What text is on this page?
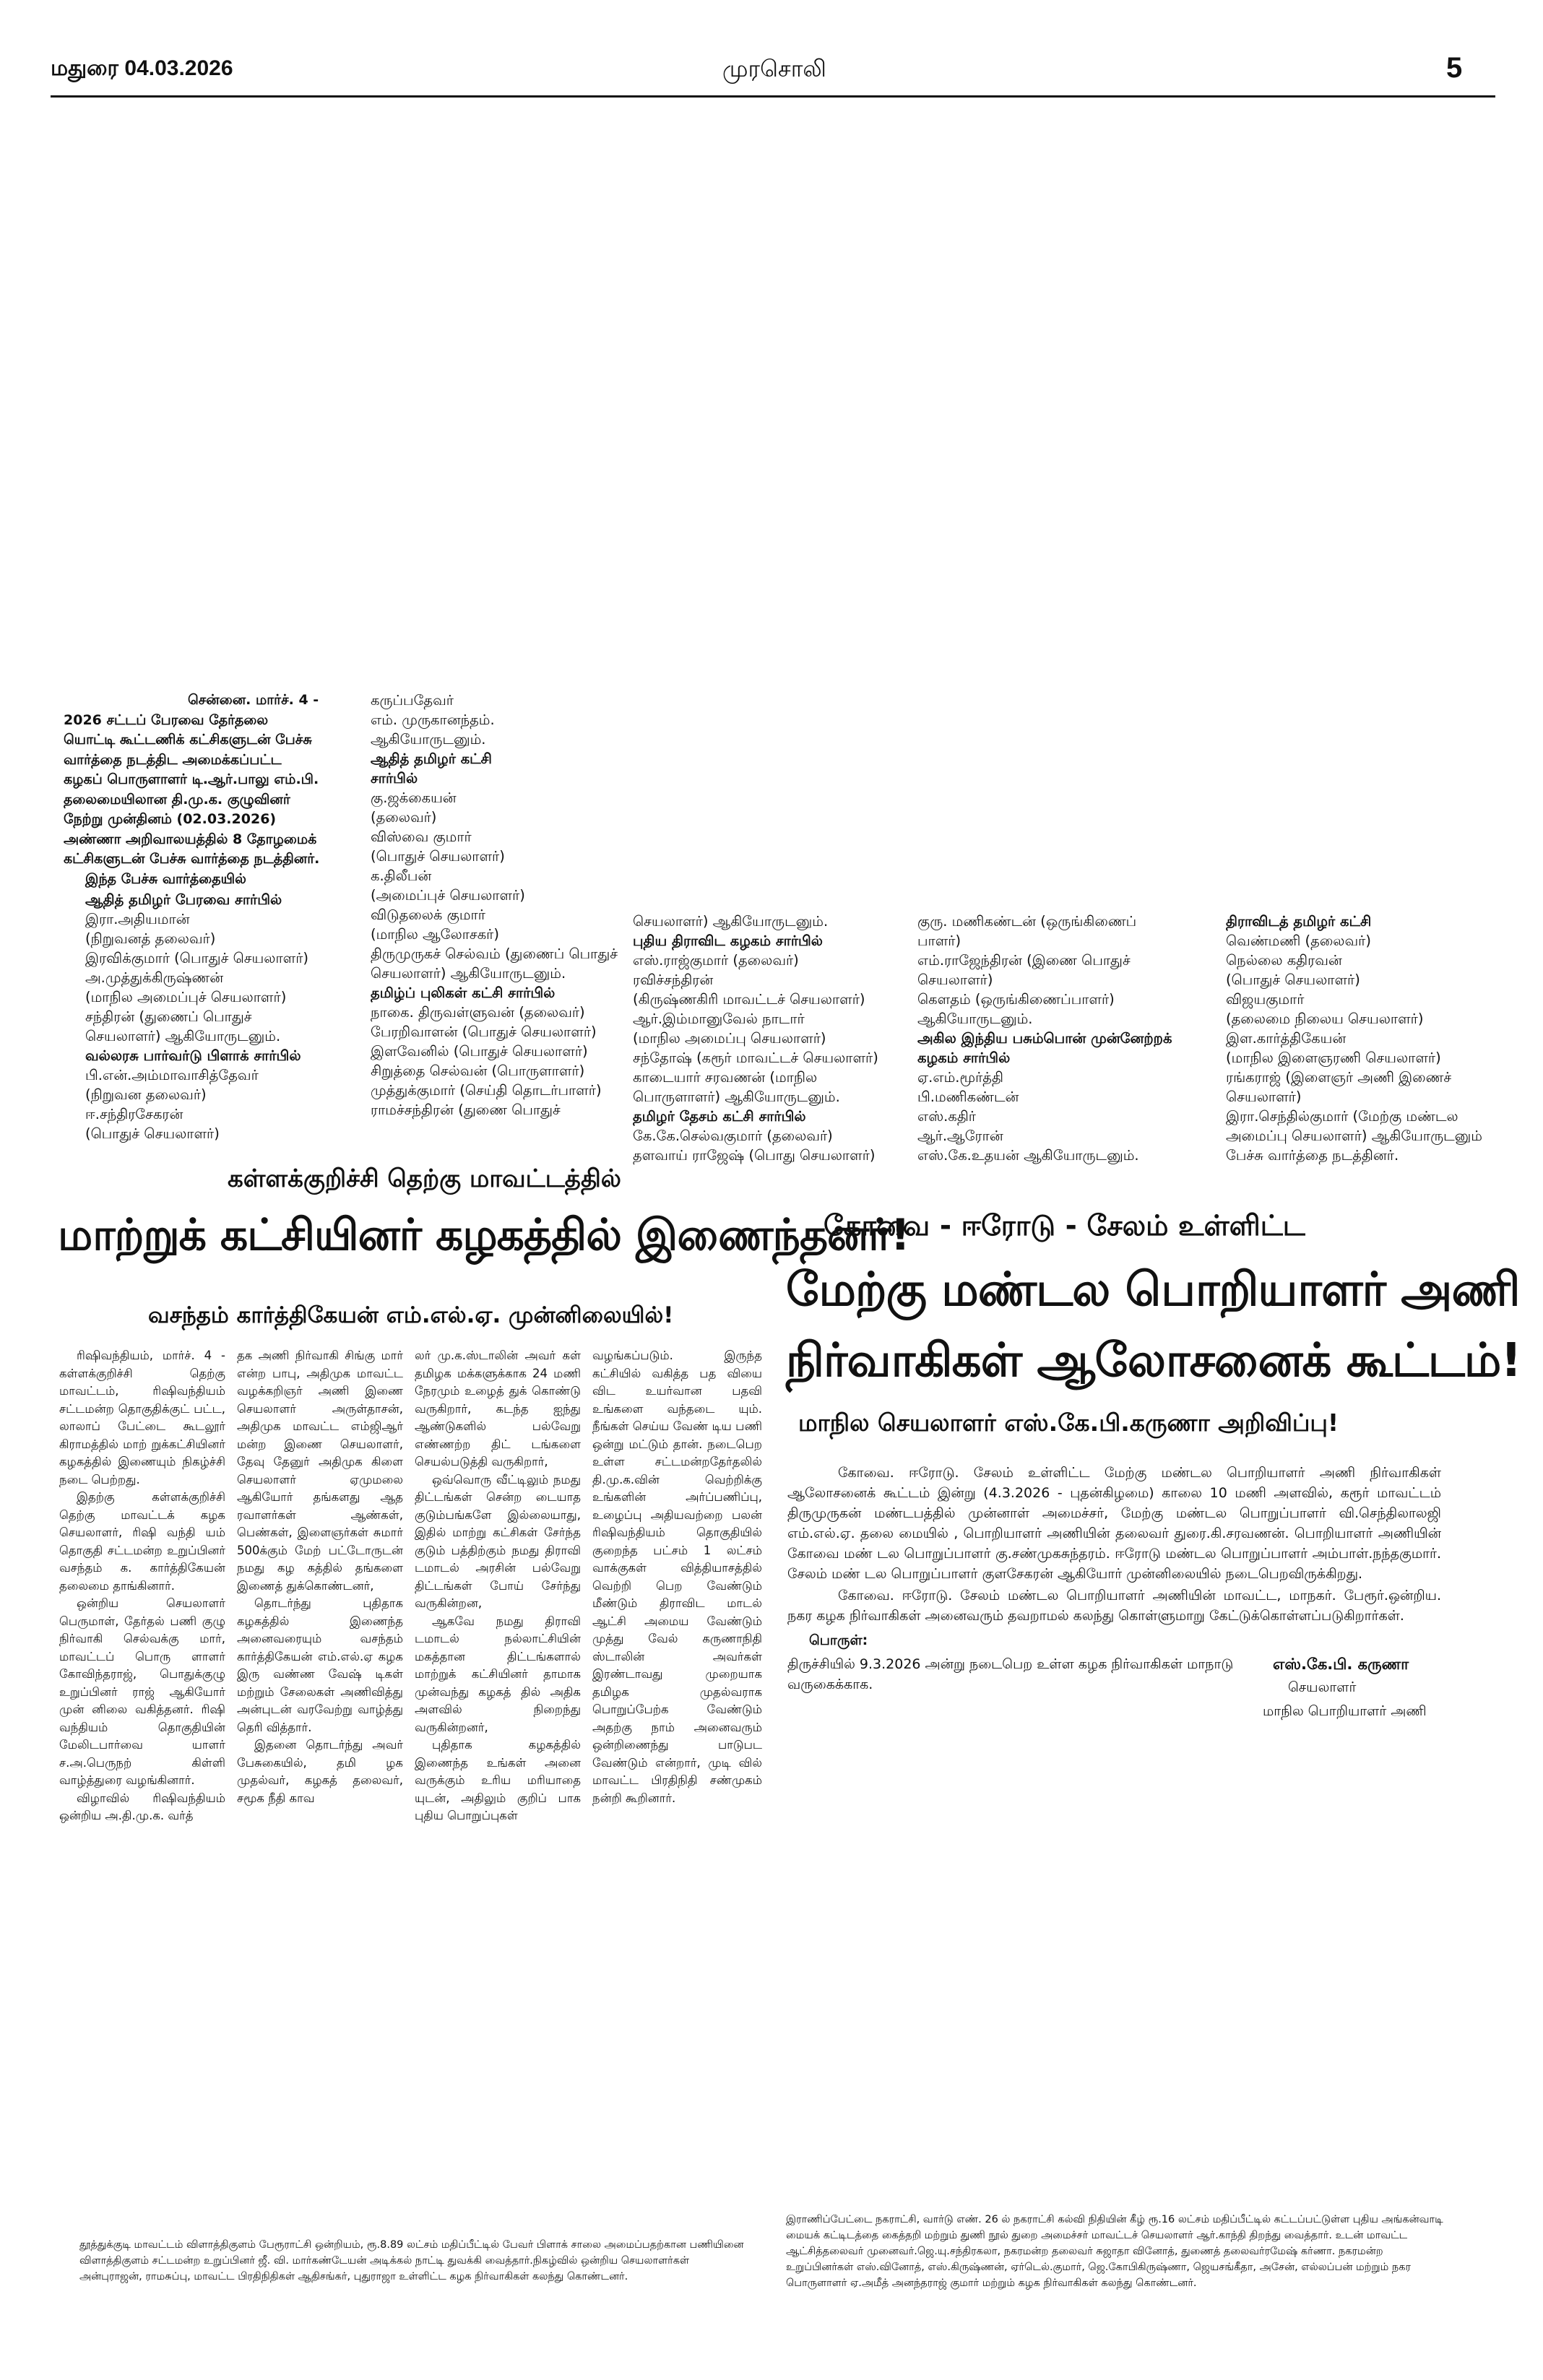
மதுரை 04.03.2026	முரசொலி	5

சென்னை. மார்ச். 4 -

2026 சட்டப் பேரவை தேர்தலை

யொட்டி கூட்டணிக் கட்சிகளுடன் பேச்சு

வார்த்தை நடத்திட அமைக்கப்பட்ட

கழகப் பொருளாளர் டி.ஆர்.பாலு எம்.பி.

தலைமையிலான தி.மு.க. குழுவினர்

நேற்று முன்தினம் (02.03.2026)

அண்ணா அறிவாலயத்தில் 8 தோழமைக்

கட்சிகளுடன் பேச்சு வார்த்தை நடத்தினர்.

இந்த பேச்சு வார்த்தையில்

ஆதித் தமிழர் பேரவை சார்பில்

இரா.அதியமான்

(நிறுவனத் தலைவர்)

இரவிக்குமார் (பொதுச் செயலாளர்)

அ.முத்துக்கிருஷ்ணன்

(மாநில அமைப்புச் செயலாளர்)

சந்திரன் (துணைப் பொதுச்

செயலாளர்) ஆகியோருடனும்.

வல்லரசு பார்வர்டு பிளாக் சார்பில்

பி.என்.அம்மாவாசித்தேவர்

(நிறுவன தலைவர்)

ஈ.சந்திரசேகரன்

(பொதுச் செயலாளர்)

கருப்பதேவர்

எம். முருகானந்தம்.

ஆகியோருடனும்.

ஆதித் தமிழர் கட்சி

சார்பில்

கு.ஜக்கையன்

(தலைவர்)

விஸ்வை குமார்

(பொதுச் செயலாளர்)

க.திலீபன்

(அமைப்புச் செயலாளர்)

விடுதலைக் குமார்

(மாநில ஆலோசகர்)

திருமுருகச் செல்வம் (துணைப் பொதுச்

செயலாளர்) ஆகியோருடனும்.

தமிழ்ப் புலிகள் கட்சி சார்பில்

நாகை. திருவள்ளுவன் (தலைவர்)

பேரறிவாளன் (பொதுச் செயலாளர்)

இளவேனில் (பொதுச் செயலாளர்)

சிறுத்தை செல்வன் (பொருளாளர்)

முத்துக்குமார் (செய்தி தொடர்பாளர்)

ராமச்சந்திரன் (துணை பொதுச்

செயலாளர்) ஆகியோருடனும்.

புதிய திராவிட கழகம் சார்பில்

எஸ்.ராஜ்குமார் (தலைவர்)

ரவிச்சந்திரன்

(கிருஷ்ணகிரி மாவட்டச் செயலாளர்)

ஆர்.இம்மானுவேல் நாடார்

(மாநில அமைப்பு செயலாளர்)

சந்தோஷ் (கரூர் மாவட்டச் செயலாளர்)

காடையார் சரவணன் (மாநில

பொருளாளர்) ஆகியோருடனும்.

தமிழர் தேசம் கட்சி சார்பில்

கே.கே.செல்வகுமார் (தலைவர்)

தளவாய் ராஜேஷ் (பொது செயலாளர்)

குரு. மணிகண்டன் (ஒருங்கிணைப்

பாளர்)

எம்.ராஜேந்திரன் (இணை பொதுச்

செயலாளர்)

கெளதம் (ஒருங்கிணைப்பாளர்)

ஆகியோருடனும்.

அகில இந்திய பசும்பொன் முன்னேற்றக்

கழகம் சார்பில்

ஏ.எம்.மூர்த்தி

பி.மணிகண்டன்

எஸ்.கதிர்

ஆர்.ஆரோன்

எஸ்.கே.உதயன் ஆகியோருடனும்.

திராவிடத் தமிழர் கட்சி

வெண்மணி (தலைவர்)

நெல்லை கதிரவன்

(பொதுச் செயலாளர்)

விஜயகுமார்

(தலைமை நிலைய செயலாளர்)

இள.கார்த்திகேயன்

(மாநில இளைஞரணி செயலாளர்)

ரங்கராஜ் (இளைஞர் அணி இணைச்

செயலாளர்)

இரா.செந்தில்குமார் (மேற்கு மண்டல

அமைப்பு செயலாளர்) ஆகியோருடனும்

பேச்சு வார்த்தை நடத்தினர்.

கள்ளக்குறிச்சி தெற்கு மாவட்டத்தில்
மாற்றுக் கட்சியினர் கழகத்தில் இணைந்தனர்!
வசந்தம் கார்த்திகேயன் எம்.எல்.ஏ. முன்னிலையில்!

ரிஷிவந்தியம், மார்ச். 4 - கள்ளக்குறிச்சி தெற்கு மாவட்டம், ரிஷிவந்தியம் சட்டமன்ற தொகுதிக்குட் பட்ட, லாலாப் பேட்டை கூடலூர் கிராமத்தில் மாற் றுக்கட்சியினர் கழகத்தில் இணையும் நிகழ்ச்சி நடை பெற்றது.

இதற்கு கள்ளக்குறிச்சி தெற்கு மாவட்டக் கழக செயலாளர், ரிஷி வந்தி யம் தொகுதி சட்டமன்ற உறுப்பினர் வசந்தம் க. கார்த்திகேயன் தலைமை தாங்கினார்.

ஒன்றிய செயலாளர் பெருமாள், தேர்தல் பணி குழு நிர்வாகி செல்வக்கு மார், மாவட்டப் பொரு ளாளர் கோவிந்தராஜ், பொதுக்குழு உறுப்பினர் ராஜ் ஆகியோர் முன் னிலை வகித்தனர். ரிஷி வந்தியம் தொகுதியின் மேலிடபார்வை யாளர் ச.அ.பெருநற் கிள்ளி வாழ்த்துரை வழங்கினார்.

விழாவில் ரிஷிவந்தியம் ஒன்றிய அ.தி.மு.க. வர்த்

தக அணி நிர்வாகி சிங்கு மார் என்ற பாபு, அதிமுக மாவட்ட வழக்கறிஞர் அணி இணை செயலாளர் அருள்தாசன், அதிமுக மாவட்ட எம்ஜிஆர் மன்ற இணை செயலாளர், தேவு தேனுர் அதிமுக கிளை செயலாளர் ஏமுமலை ஆகியோர் தங்களது ஆத ரவாளர்கள் ஆண்கள், பெண்கள், இளைஞர்கள் சுமார் 500க்கும் மேற் பட்டோருடன் நமது கழ கத்தில் தங்களை இணைத் துக்கொண்டனர்,

தொடர்ந்து புதிதாக கழகத்தில் இணைந்த அனைவரையும் வசந்தம் கார்த்திகேயன் எம்.எல்.ஏ கழக இரு வண்ண வேஷ் டிகள் மற்றும் சேலைகள் அணிவித்து அன்புடன் வரவேற்று வாழ்த்து தெரி வித்தார்.

இதனை தொடர்ந்து அவர் பேசுகையில், தமி ழக முதல்வர், கழகத் தலைவர், சமூக நீதி காவ

லர் மு.க.ஸ்டாலின் அவர் கள் தமிழக மக்களுக்காக 24 மணி நேரமும் உழைத் துக் கொண்டு வருகிறார், கடந்த ஐந்து ஆண்டுகளில் பல்வேறு எண்ணற்ற திட் டங்களை செயல்படுத்தி வருகிறார்,

ஒவ்வொரு வீட்டிலும் நமது திட்டங்கள் சென்ற டையாத குடும்பங்களே இல்லையாது, இதில் மாற்று கட்சிகள் சேர்ந்த குடும் பத்திற்கும் நமது திராவி டமாடல் அரசின் பல்வேறு திட்டங்கள் போய் சேர்ந்து வருகின்றன,

ஆகவே நமது திராவி டமாடல் நல்லாட்சியின் மகத்தான திட்டங்களால் மாற்றுக் கட்சியினர் தாமாக முன்வந்து கழகத் தில் அதிக அளவில் நிறைந்து வருகின்றனர்,

புதிதாக கழகத்தில் இணைந்த உங்கள் அனை வருக்கும் உரிய மரியாதை யுடன், அதிலும் குறிப் பாக புதிய பொறுப்புகள்

வழங்கப்படும். இருந்த கட்சியில் வகித்த பத வியை விட உயர்வான பதவி உங்களை வந்தடை யும். நீங்கள் செய்ய வேண் டிய பணி ஒன்று மட்டும் தான். நடைபெற உள்ள சட்டமன்றதேர்தலில் தி.மு.க.வின் வெற்றிக்கு உங்களின் அர்ப்பணிப்பு, உழைப்பு அதியவற்றை பலன் ரிஷிவந்தியம் தொகுதியில் குறைந்த பட்சம் 1 லட்சம் வாக்குகள் வித்தியாசத்தில் வெற்றி பெற வேண்டும் மீண்டும் திராவிட மாடல் ஆட்சி அமைய வேண்டும் முத்து வேல் கருணாநிதி ஸ்டாலின் அவர்கள் இரண்டாவது முறையாக தமிழக முதல்வராக பொறுப்பேற்க வேண்டும் அதற்கு நாம் அனைவரும் ஒன்றிணைந்து பாடுபட வேண்டும் என்றார், முடி வில் மாவட்ட பிரதிநிதி சண்முகம் நன்றி கூறினார்.

கோவை - ஈரோடு - சேலம் உள்ளிட்ட
மேற்கு மண்டல பொறியாளர் அணி
நிர்வாகிகள் ஆலோசனைக் கூட்டம்!
மாநில செயலாளர் எஸ்.கே.பி.கருணா அறிவிப்பு!
கோவை. ஈரோடு. சேலம் உள்ளிட்ட மேற்கு மண்டல பொறியாளர் அணி நிர்வாகிகள் ஆலோசனைக் கூட்டம் இன்று (4.3.2026 - புதன்கிழமை) காலை 10 மணி அளவில், கரூர் மாவட்டம் திருமுருகன் மண்டபத்தில் முன்னாள் அமைச்சர், மேற்கு மண்டல பொறுப்பாளர் வி.செந்திலாலஜி எம்.எல்.ஏ. தலை மையில் , பொறியாளர் அணியின் தலைவர் துரை.கி.சரவணன். பொறியாளர் அணியின் கோவை மண் டல பொறுப்பாளர் கு.சண்முகசுந்தரம். ஈரோடு மண்டல பொறுப்பாளர் அம்பாள்.நந்தகுமார். சேலம் மண் டல பொறுப்பாளர் குளசேகரன் ஆகியோர் முன்னிலையில் நடைபெறவிருக்கிறது.
கோவை. ஈரோடு. சேலம் மண்டல பொறியாளர் அணியின் மாவட்ட, மாநகர். பேரூர்.ஒன்றிய. நகர கழக நிர்வாகிகள் அனைவரும் தவறாமல் கலந்து கொள்ளுமாறு கேட்டுக்கொள்ளப்படுகிறார்கள்.
பொருள்:
திருச்சியில் 9.3.2026 அன்று நடைபெற உள்ள கழக நிர்வாகிகள் மாநாடு வருகைக்காக.
எஸ்.கே.பி. கருணா
செயலாளர்
மாநில பொறியாளர் அணி

தூத்துக்குடி மாவட்டம் விளாத்திகுளம் பேரூராட்சி ஒன்றியம், ரூ.8.89 லட்சம் மதிப்பீட்டில் பேவர் பிளாக் சாலை அமைப்பதற்கான பணியினை

விளாத்திகுளம் சட்டமன்ற உறுப்பினர் ஜீ. வி. மார்கண்டேயன் அடிக்கல் நாட்டி துவக்கி வைத்தார்.நிகழ்வில் ஒன்றிய செயலாளர்கள்

அன்புராஜன், ராமசுப்பு, மாவட்ட பிரதிநிதிகள் ஆதிசங்கர், புதுராஜா உள்ளிட்ட கழக நிர்வாகிகள் கலந்து கொண்டனர்.

இராணிப்பேட்டை நகராட்சி, வார்டு எண். 26 ல் நகராட்சி கல்வி நிதியின் கீழ் ரூ.16 லட்சம் மதிப்பீட்டில் கட்டப்பட்டுள்ள புதிய அங்கன்வாடி

மையக் கட்டிடத்தை கைத்தறி மற்றும் துணி நூல் துறை அமைச்சர் மாவட்டச் செயலாளர் ஆர்.காந்தி திறந்து வைத்தார். உடன் மாவட்ட

ஆட்சித்தலைவர் முனைவர்.ஜெ.யு.சந்திரகலா, நகரமன்ற தலைவர் சுஜாதா வினோத், துணைத் தலைவர்ரமேஷ் கர்ணா. நகரமன்ற

உறுப்பினர்கள் எஸ்.வினோத், எஸ்.கிருஷ்ணன், ஏர்டெல்.குமார், ஜெ.கோபிகிருஷ்ணா, ஜெயசங்கீதா, அசேன், எல்லப்பன் மற்றும் நகர

பொருளாளர் ஏ.அமீத் அனந்தராஜ் குமார் மற்றும் கழக நிர்வாகிகள் கலந்து கொண்டனர்.
